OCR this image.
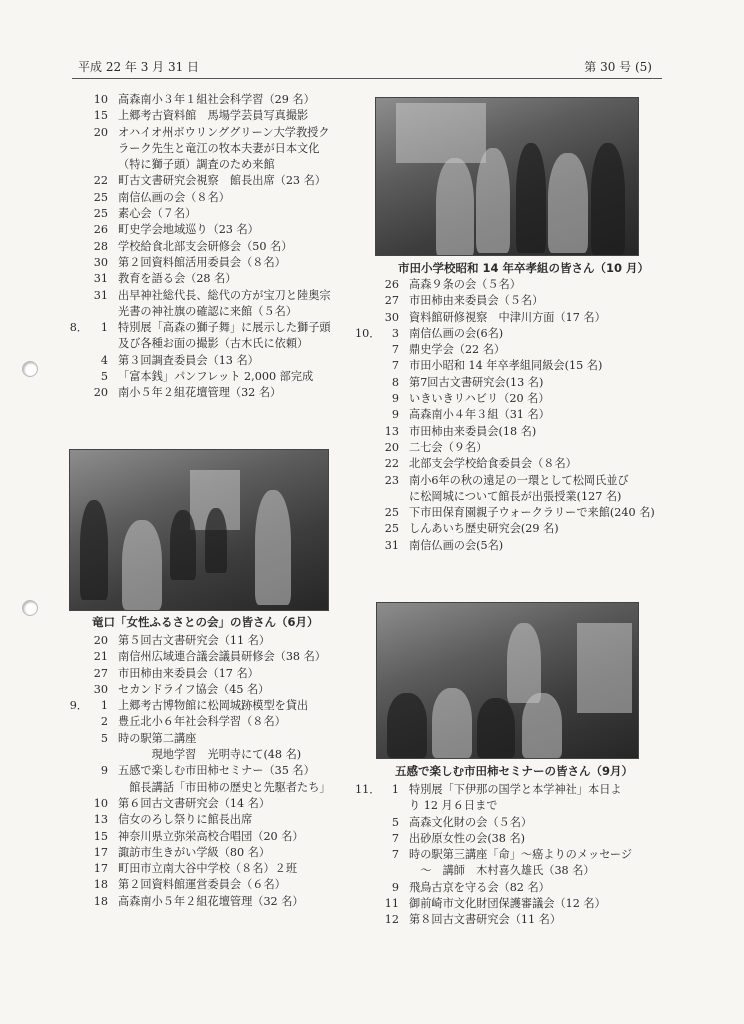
平成 22 年 3 月 31 日	第 30 号 (5)
10 高森南小３年１組社会科学習（29 名）
15 上郷考古資料館　馬場学芸員写真撮影
20 オハイオ州ボウリンググリーン大学教授ク
ラーク先生と竜江の牧本夫妻が日本文化
（特に獅子頭）調査のため来館
22 町古文書研究会視察　館長出席（23 名）
25 南信仏画の会（８名）
25 素心会（７名）
26 町史学会地域巡り（23 名）
28 学校給食北部支会研修会（50 名）
30 第２回資料館活用委員会（８名）
31 教育を語る会（28 名）
31 出早神社総代長、総代の方が宝刀と陸奥宗
光書の神社旗の確認に来館（５名）
8．	1 特別展「高森の獅子舞」に展示した獅子頭
及び各種お面の撮影（古木氏に依頼）
4 第３回調査委員会（13 名）
5 「富本銭」パンフレット 2,000 部完成
20 南小５年２組花壇管理（32 名）
竜口「女性ふるさとの会」の皆さん（6月）
20 第５回古文書研究会（11 名）
21 南信州広域連合議会議員研修会（38 名）
27 市田柿由来委員会（17 名）
30 セカンドライフ協会（45 名）
9．	1 上郷考古博物館に松岡城跡模型を貸出
2 豊丘北小６年社会科学習（８名）
5 時の駅第二講座
　　　現地学習　光明寺にて(48 名)
9 五感で楽しむ市田柿セミナー（35 名）
　館長講話「市田柿の歴史と先駆者たち」
10 第６回古文書研究会（14 名）
13 信女のろし祭りに館長出席
15 神奈川県立弥栄高校合唱団（20 名）
17 諏訪市生きがい学級（80 名）
17 町田市立南大谷中学校（８名）２班
18 第２回資料館運営委員会（６名）
18 高森南小５年２組花壇管理（32 名）
市田小学校昭和 14 年卒孝組の皆さん（10 月）
26 高森９条の会（５名）
27 市田柿由来委員会（５名）
30 資料館研修視察　中津川方面（17 名）
10．	3 南信仏画の会(6名)
7 鼎史学会（22 名）
7 市田小昭和 14 年卒孝組同級会(15 名)
8 第7回古文書研究会(13 名)
9 いきいきリハビリ（20 名）
9 高森南小４年３組（31 名）
13 市田柿由来委員会(18 名)
20 二七会（９名）
22 北部支会学校給食委員会（８名）
23 南小6年の秋の遠足の一環として松岡氏並び
に松岡城について館長が出張授業(127 名)
25 下市田保育園親子ウォークラリーで来館(240 名)
25 しんあいち歴史研究会(29 名)
31 南信仏画の会(5名)
五感で楽しむ市田柿セミナーの皆さん（9月）
11．	1 特別展「下伊那の国学と本学神社」本日よ
り 12 月６日まで
5 高森文化財の会（５名）
7 出砂原女性の会(38 名)
7 時の駅第三講座「命」～癌よりのメッセージ
　～　講師　木村喜久雄氏（38 名）
9 飛鳥古京を守る会（82 名）
11 御前崎市文化財団保護審議会（12 名）
12 第８回古文書研究会（11 名）
